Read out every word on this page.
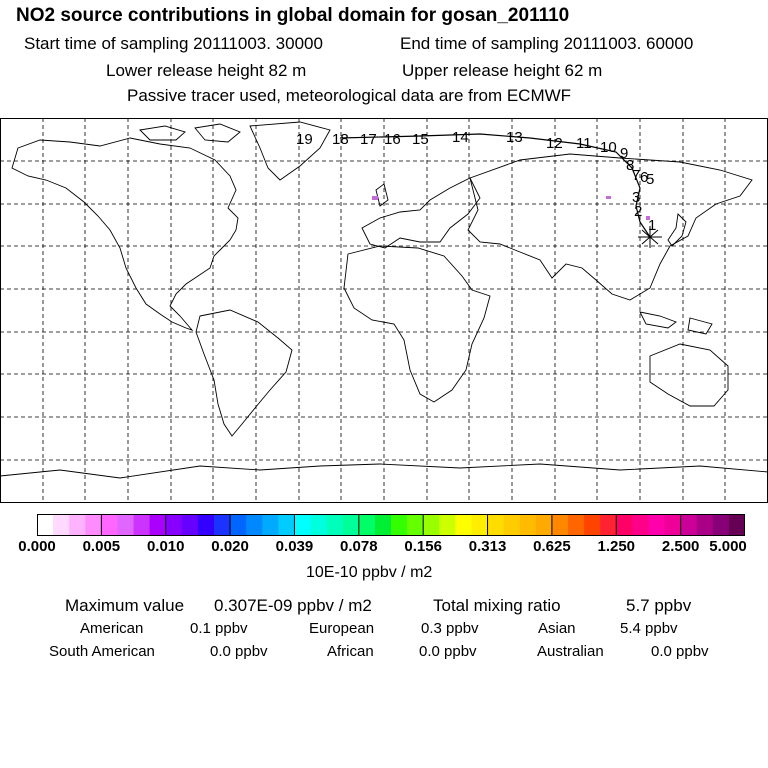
NO2 source contributions in global domain for gosan_201110
Start time of sampling 20111003. 30000	End time of sampling 20111003. 60000
Lower release height 82 m	Upper release height 62 m
Passive tracer used, meteorological data are from ECMWF
19 18 17 16 15 14 13 12 11 10 9
8
7 6
5
3
2
1
0.000 0.005 0.010 0.020 0.039 0.078 0.156 0.313 0.625 1.250 2.500 5.000
10E-10 ppbv / m2
Maximum value 0.307E-09 ppbv / m2	Total mixing ratio	5.7 ppbv
American	0.1 ppbv	European	0.3 ppbv	Asian	5.4 ppbv
South American	0.0 ppbv	African	0.0 ppbv	Australian	0.0 ppbv
